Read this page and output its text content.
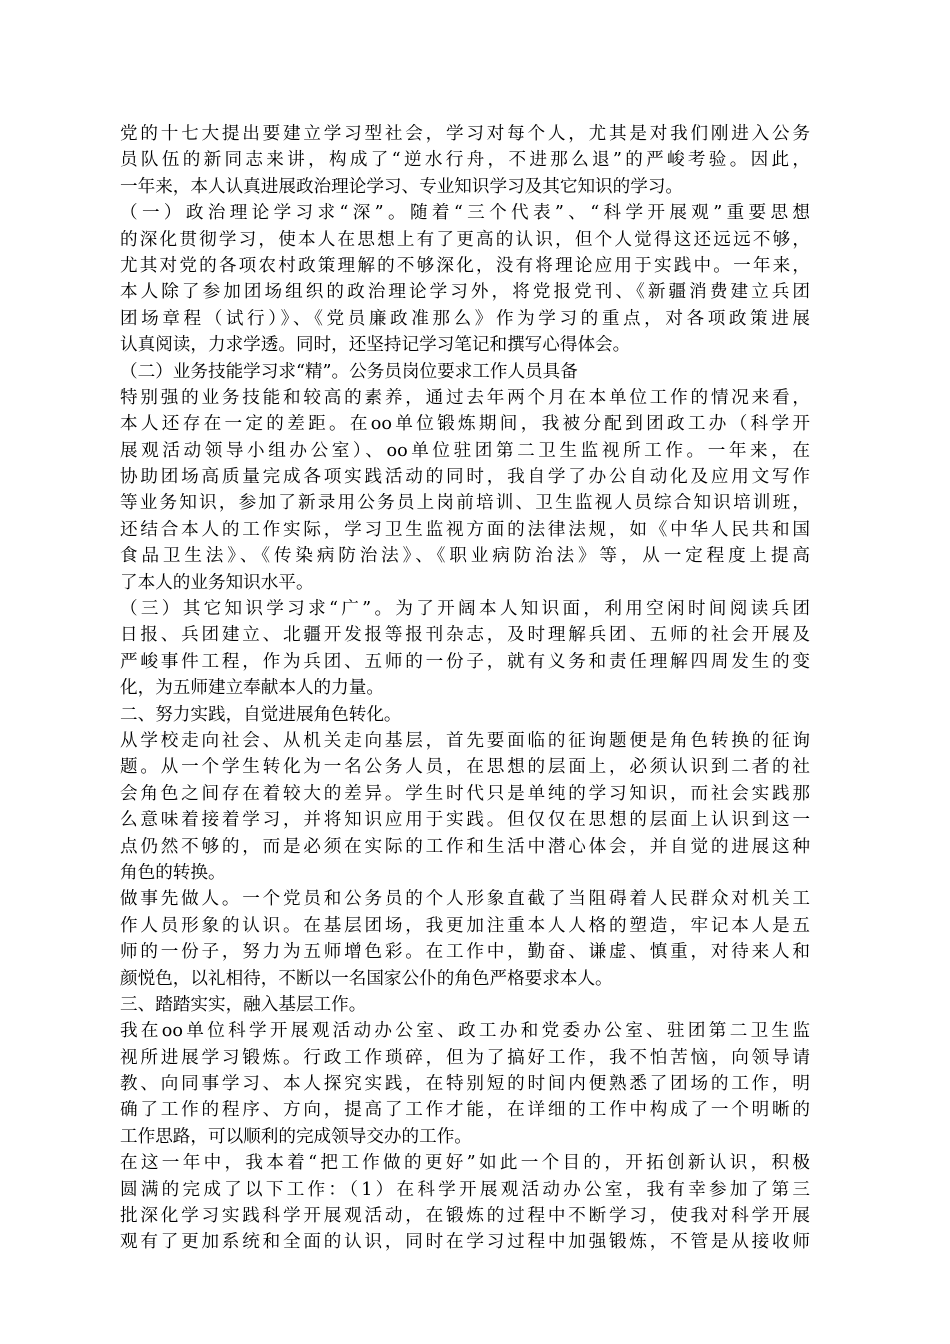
党的十七大提出要建立学习型社会，学习对每个人，尤其是对我们刚进入公务
员队伍的新同志来讲，构成了“逆水行舟，不进那么退”的严峻考验。因此，
一年来，本人认真进展政治理论学习、专业知识学习及其它知识的学习。
（一）政治理论学习求“深”。随着“三个代表”、“科学开展观”重要思想
的深化贯彻学习，使本人在思想上有了更高的认识，但个人觉得这还远远不够，
尤其对党的各项农村政策理解的不够深化，没有将理论应用于实践中。一年来，
本人除了参加团场组织的政治理论学习外，将党报党刊、《新疆消费建立兵团
团场章程（试行）》、《党员廉政准那么》作为学习的重点，对各项政策进展
认真阅读，力求学透。同时，还坚持记学习笔记和撰写心得体会。
（二）业务技能学习求“精”。公务员岗位要求工作人员具备
特别强的业务技能和较高的素养，通过去年两个月在本单位工作的情况来看，
本人还存在一定的差距。在oo单位锻炼期间，我被分配到团政工办（科学开
展观活动领导小组办公室）、oo单位驻团第二卫生监视所工作。一年来，在
协助团场高质量完成各项实践活动的同时，我自学了办公自动化及应用文写作
等业务知识，参加了新录用公务员上岗前培训、卫生监视人员综合知识培训班，
还结合本人的工作实际，学习卫生监视方面的法律法规，如《中华人民共和国
食品卫生法》、《传染病防治法》、《职业病防治法》等，从一定程度上提高
了本人的业务知识水平。
（三）其它知识学习求“广”。为了开阔本人知识面，利用空闲时间阅读兵团
日报、兵团建立、北疆开发报等报刊杂志，及时理解兵团、五师的社会开展及
严峻事件工程，作为兵团、五师的一份子，就有义务和责任理解四周发生的变
化，为五师建立奉献本人的力量。
二、努力实践，自觉进展角色转化。
从学校走向社会、从机关走向基层，首先要面临的征询题便是角色转换的征询
题。从一个学生转化为一名公务人员，在思想的层面上，必须认识到二者的社
会角色之间存在着较大的差异。学生时代只是单纯的学习知识，而社会实践那
么意味着接着学习，并将知识应用于实践。但仅仅在思想的层面上认识到这一
点仍然不够的，而是必须在实际的工作和生活中潜心体会，并自觉的进展这种
角色的转换。
做事先做人。一个党员和公务员的个人形象直截了当阻碍着人民群众对机关工
作人员形象的认识。在基层团场，我更加注重本人人格的塑造，牢记本人是五
师的一份子，努力为五师增色彩。在工作中，勤奋、谦虚、慎重，对待来人和
颜悦色，以礼相待，不断以一名国家公仆的角色严格要求本人。
三、踏踏实实，融入基层工作。
我在oo单位科学开展观活动办公室、政工办和党委办公室、驻团第二卫生监
视所进展学习锻炼。行政工作琐碎，但为了搞好工作，我不怕苦恼，向领导请
教、向同事学习、本人探究实践，在特别短的时间内便熟悉了团场的工作，明
确了工作的程序、方向，提高了工作才能，在详细的工作中构成了一个明晰的
工作思路，可以顺利的完成领导交办的工作。
在这一年中，我本着“把工作做的更好”如此一个目的，开拓创新认识，积极
圆满的完成了以下工作：（1）在科学开展观活动办公室，我有幸参加了第三
批深化学习实践科学开展观活动，在锻炼的过程中不断学习，使我对科学开展
观有了更加系统和全面的认识，同时在学习过程中加强锻炼，不管是从接收师
